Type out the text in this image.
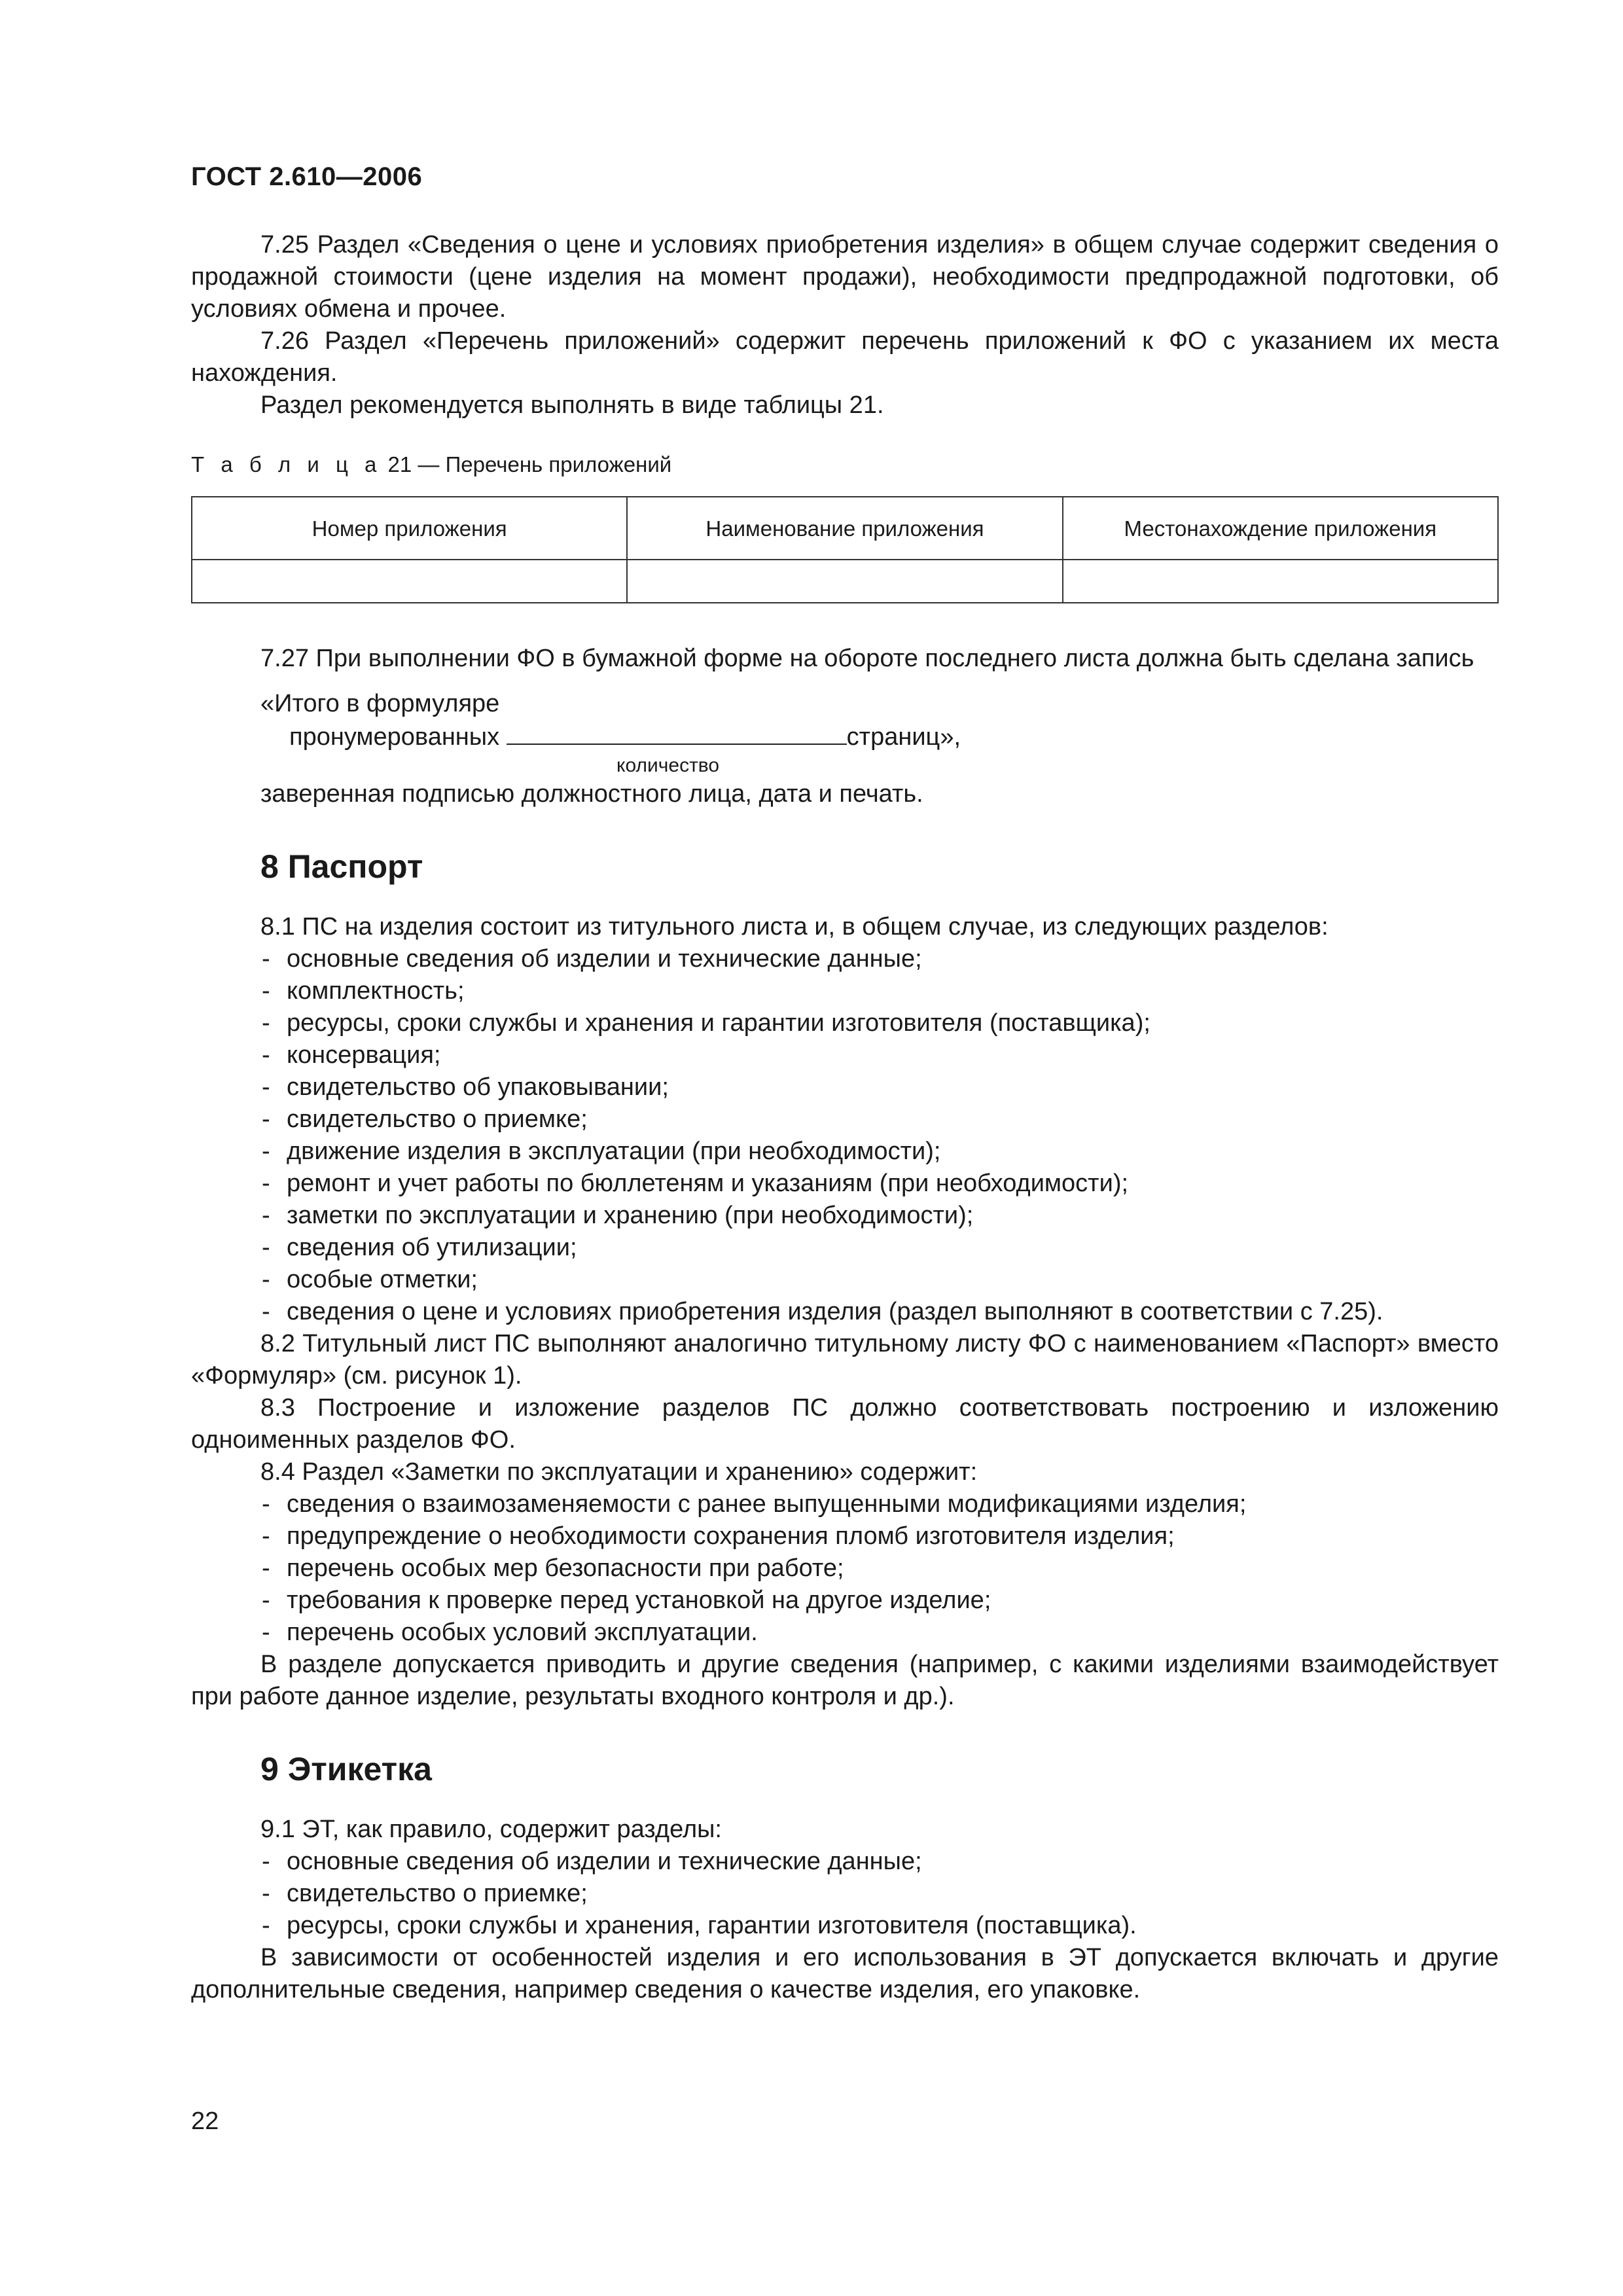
ГОСТ 2.610—2006

7.25 Раздел «Сведения о цене и условиях приобретения изделия» в общем случае содержит сведения о продажной стоимости (цене изделия на момент продажи), необходимости предпродажной подготовки, об условиях обмена и прочее.

7.26 Раздел «Перечень приложений» содержит перечень приложений к ФО с указанием их места нахождения.

Раздел рекомендуется выполнять в виде таблицы 21.

Т а б л и ц а 21 — Перечень приложений
Номер приложения	Наименование приложения	Местонахождение приложения

7.27 При выполнении ФО в бумажной форме на обороте последнего листа должна быть сделана запись

«Итого в формуляре
пронумерованных	страниц»,
количество

заверенная подписью должностного лица, дата и печать.

8 Паспорт

8.1 ПС на изделия состоит из титульного листа и, в общем случае, из следующих разделов:

- основные сведения об изделии и технические данные;
- комплектность;
- ресурсы, сроки службы и хранения и гарантии изготовителя (поставщика);
- консервация;
- свидетельство об упаковывании;
- свидетельство о приемке;
- движение изделия в эксплуатации (при необходимости);
- ремонт и учет работы по бюллетеням и указаниям (при необходимости);
- заметки по эксплуатации и хранению (при необходимости);
- сведения об утилизации;
- особые отметки;
- сведения о цене и условиях приобретения изделия (раздел выполняют в соответствии с 7.25).

8.2 Титульный лист ПС выполняют аналогично титульному листу ФО с наименованием «Паспорт» вместо «Формуляр» (см. рисунок 1).

8.3 Построение и изложение разделов ПС должно соответствовать построению и изложению одноименных разделов ФО.

8.4 Раздел «Заметки по эксплуатации и хранению» содержит:

- сведения о взаимозаменяемости с ранее выпущенными модификациями изделия;
- предупреждение о необходимости сохранения пломб изготовителя изделия;
- перечень особых мер безопасности при работе;
- требования к проверке перед установкой на другое изделие;
- перечень особых условий эксплуатации.

В разделе допускается приводить и другие сведения (например, с какими изделиями взаимодействует при работе данное изделие, результаты входного контроля и др.).

9 Этикетка

9.1 ЭТ, как правило, содержит разделы:

- основные сведения об изделии и технические данные;
- свидетельство о приемке;
- ресурсы, сроки службы и хранения, гарантии изготовителя (поставщика).

В зависимости от особенностей изделия и его использования в ЭТ допускается включать и другие дополнительные сведения, например сведения о качестве изделия, его упаковке.

22
